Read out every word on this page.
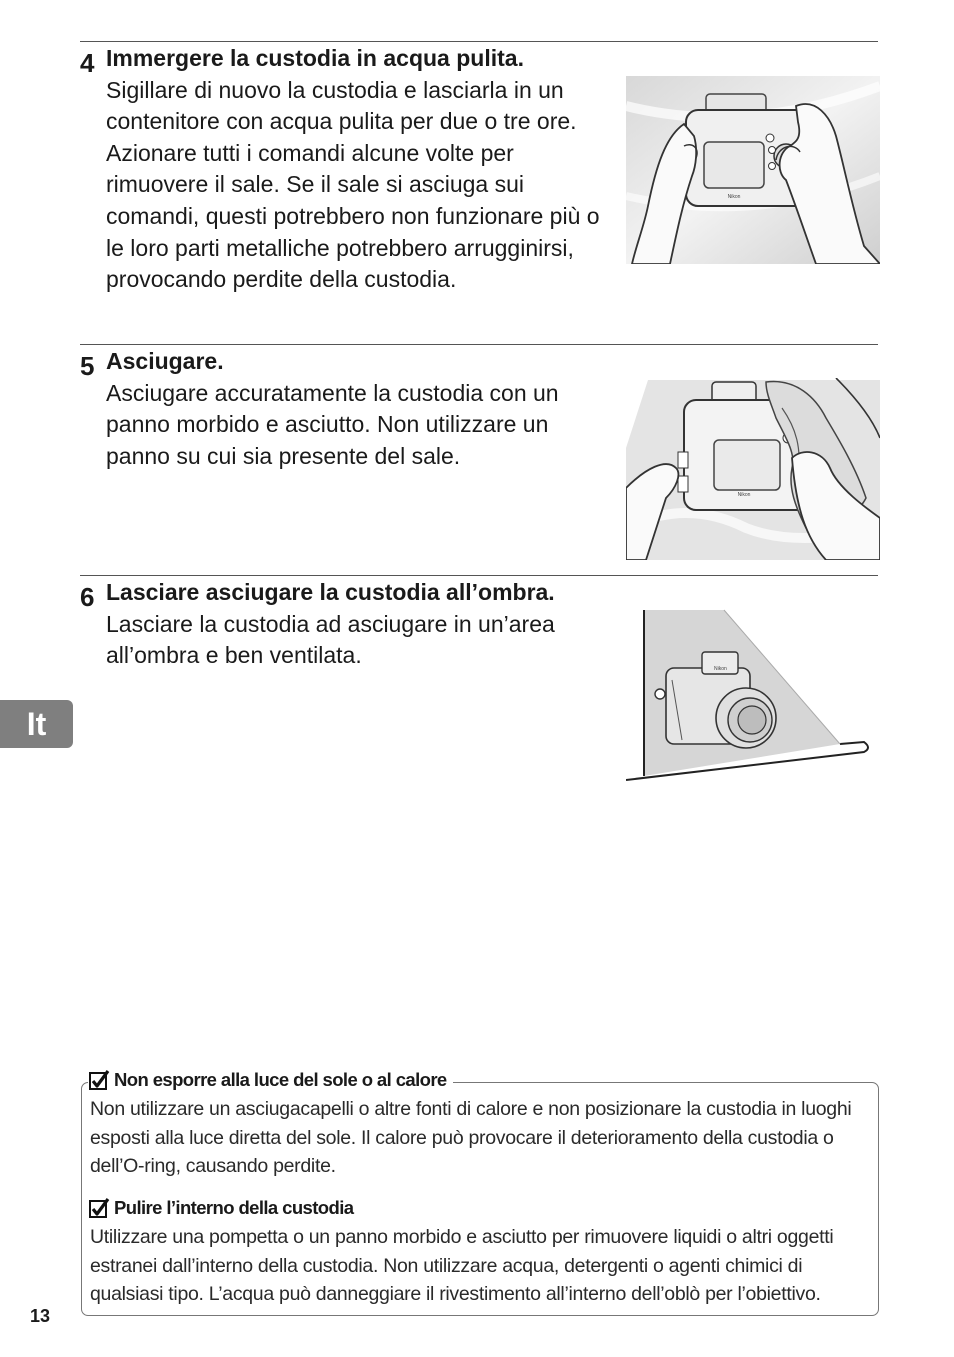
4 Immergere la custodia in acqua pulita.
Sigillare di nuovo la custodia e lasciarla in un contenitore con acqua pulita per due o tre ore. Azionare tutti i comandi alcune volte per rimuovere il sale. Se il sale si asciuga sui comandi, questi potrebbero non funzionare più o le loro parti metalliche potrebbero arrugginirsi, provocando perdite della custodia.
Nikon
5 Asciugare.
Asciugare accuratamente la custodia con un panno morbido e asciutto. Non utilizzare un panno su cui sia presente del sale.
Nikon
6 Lasciare asciugare la custodia all’ombra.
Lasciare la custodia ad asciugare in un’area all’ombra e ben ventilata.
Nikon
It
Non esporre alla luce del sole o al calore
Non utilizzare un asciugacapelli o altre fonti di calore e non posizionare la custodia in luoghi esposti alla luce diretta del sole. Il calore può provocare il deterioramento della custodia o dell’O-ring, causando perdite.
Pulire l’interno della custodia
Utilizzare una pompetta o un panno morbido e asciutto per rimuovere liquidi o altri oggetti estranei dall’interno della custodia. Non utilizzare acqua, detergenti o agenti chimici di qualsiasi tipo. L’acqua può danneggiare il rivestimento all’interno dell’oblò per l’obiettivo.
13
